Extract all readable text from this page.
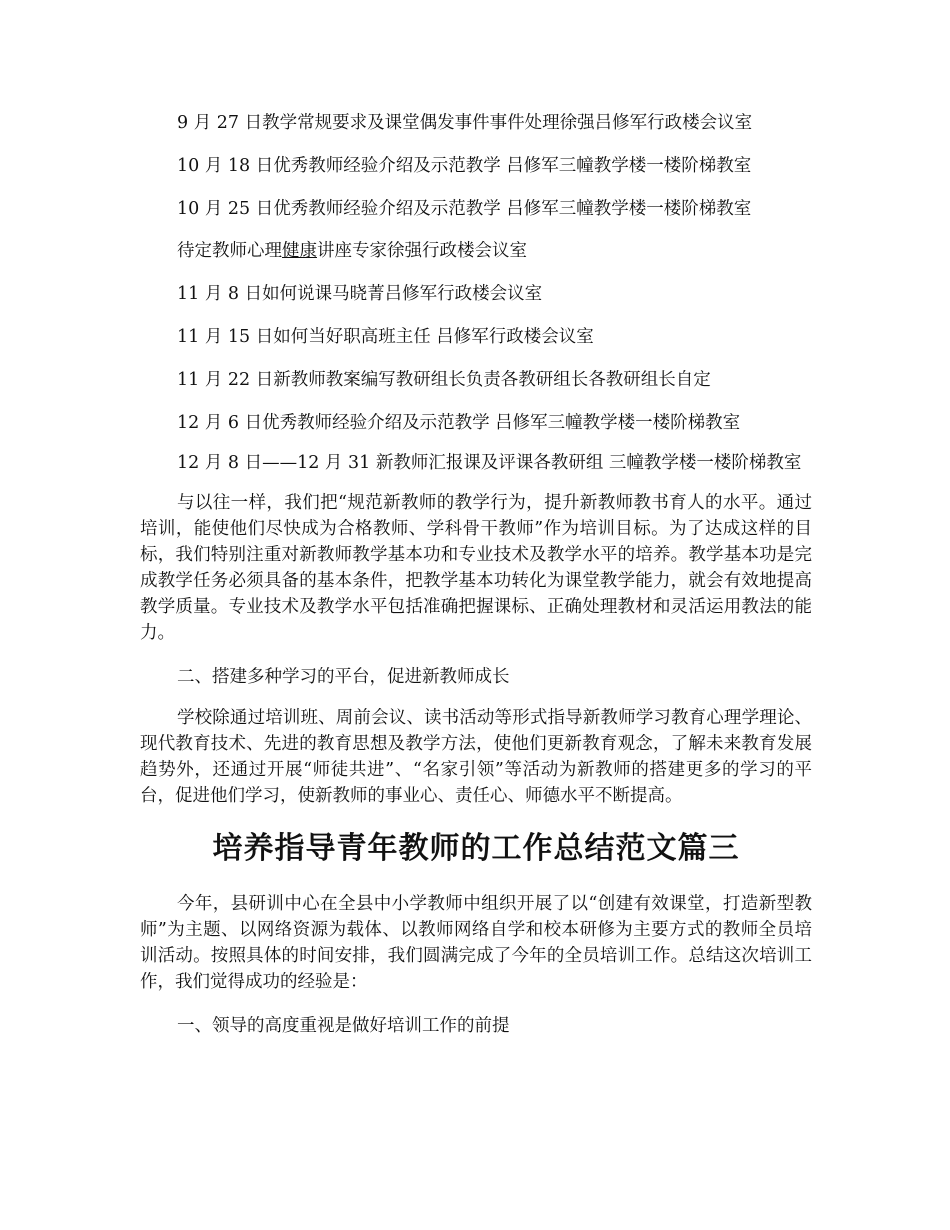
9 月 27 日教学常规要求及课堂偶发事件事件处理徐强吕修军行政楼会议室

10 月 18 日优秀教师经验介绍及示范教学 吕修军三幢教学楼一楼阶梯教室

10 月 25 日优秀教师经验介绍及示范教学 吕修军三幢教学楼一楼阶梯教室

待定教师心理健康讲座专家徐强行政楼会议室

11 月 8 日如何说课马晓菁吕修军行政楼会议室

11 月 15 日如何当好职高班主任 吕修军行政楼会议室

11 月 22 日新教师教案编写教研组长负责各教研组长各教研组长自定

12 月 6 日优秀教师经验介绍及示范教学 吕修军三幢教学楼一楼阶梯教室

12 月 8 日——12 月 31 新教师汇报课及评课各教研组 三幢教学楼一楼阶梯教室

与以往一样，我们把“规范新教师的教学行为，提升新教师教书育人的水平。通过培训，能使他们尽快成为合格教师、学科骨干教师”作为培训目标。为了达成这样的目标，我们特别注重对新教师教学基本功和专业技术及教学水平的培养。教学基本功是完成教学任务必须具备的基本条件，把教学基本功转化为课堂教学能力，就会有效地提高教学质量。专业技术及教学水平包括准确把握课标、正确处理教材和灵活运用教法的能力。

二、搭建多种学习的平台，促进新教师成长

学校除通过培训班、周前会议、读书活动等形式指导新教师学习教育心理学理论、现代教育技术、先进的教育思想及教学方法，使他们更新教育观念，了解未来教育发展趋势外，还通过开展“师徒共进”、“名家引领”等活动为新教师的搭建更多的学习的平台，促进他们学习，使新教师的事业心、责任心、师德水平不断提高。

培养指导青年教师的工作总结范文篇三

今年，县研训中心在全县中小学教师中组织开展了以“创建有效课堂，打造新型教师”为主题、以网络资源为载体、以教师网络自学和校本研修为主要方式的教师全员培训活动。按照具体的时间安排，我们圆满完成了今年的全员培训工作。总结这次培训工作，我们觉得成功的经验是：

一、领导的高度重视是做好培训工作的前提
